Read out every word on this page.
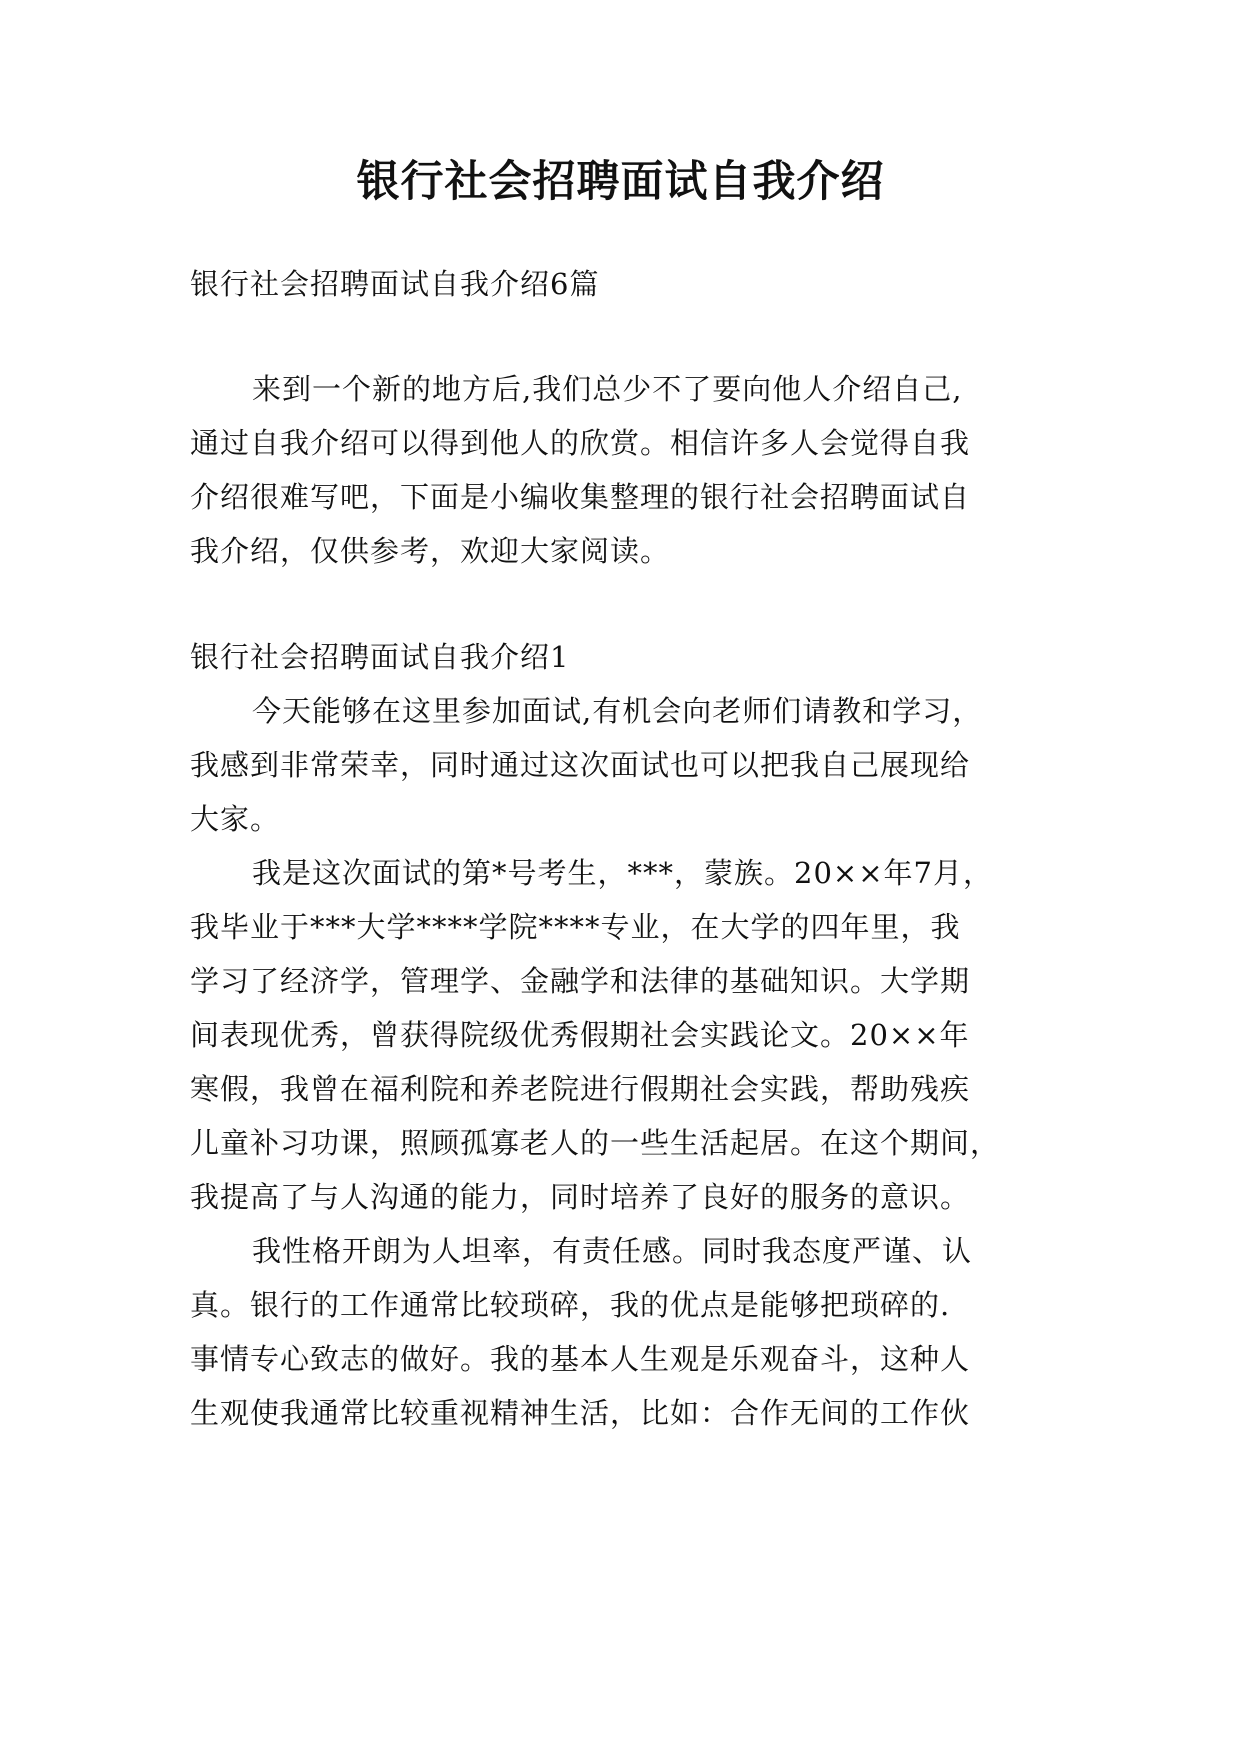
银行社会招聘面试自我介绍
银行社会招聘面试自我介绍6篇
来到一个新的地方后,我们总少不了要向他人介绍自己,
通过自我介绍可以得到他人的欣赏。相信许多人会觉得自我
介绍很难写吧，下面是小编收集整理的银行社会招聘面试自
我介绍，仅供参考，欢迎大家阅读。
银行社会招聘面试自我介绍1
今天能够在这里参加面试,有机会向老师们请教和学习，
我感到非常荣幸，同时通过这次面试也可以把我自己展现给
大家。
我是这次面试的第*号考生，***，蒙族。20××年7月，
我毕业于***大学****学院****专业，在大学的四年里，我
学习了经济学，管理学、金融学和法律的基础知识。大学期
间表现优秀，曾获得院级优秀假期社会实践论文。20××年
寒假，我曾在福利院和养老院进行假期社会实践，帮助残疾
儿童补习功课，照顾孤寡老人的一些生活起居。在这个期间，
我提高了与人沟通的能力，同时培养了良好的服务的意识。
我性格开朗为人坦率，有责任感。同时我态度严谨、认
真。银行的工作通常比较琐碎，我的优点是能够把琐碎的.
事情专心致志的做好。我的基本人生观是乐观奋斗，这种人
生观使我通常比较重视精神生活，比如：合作无间的工作伙
